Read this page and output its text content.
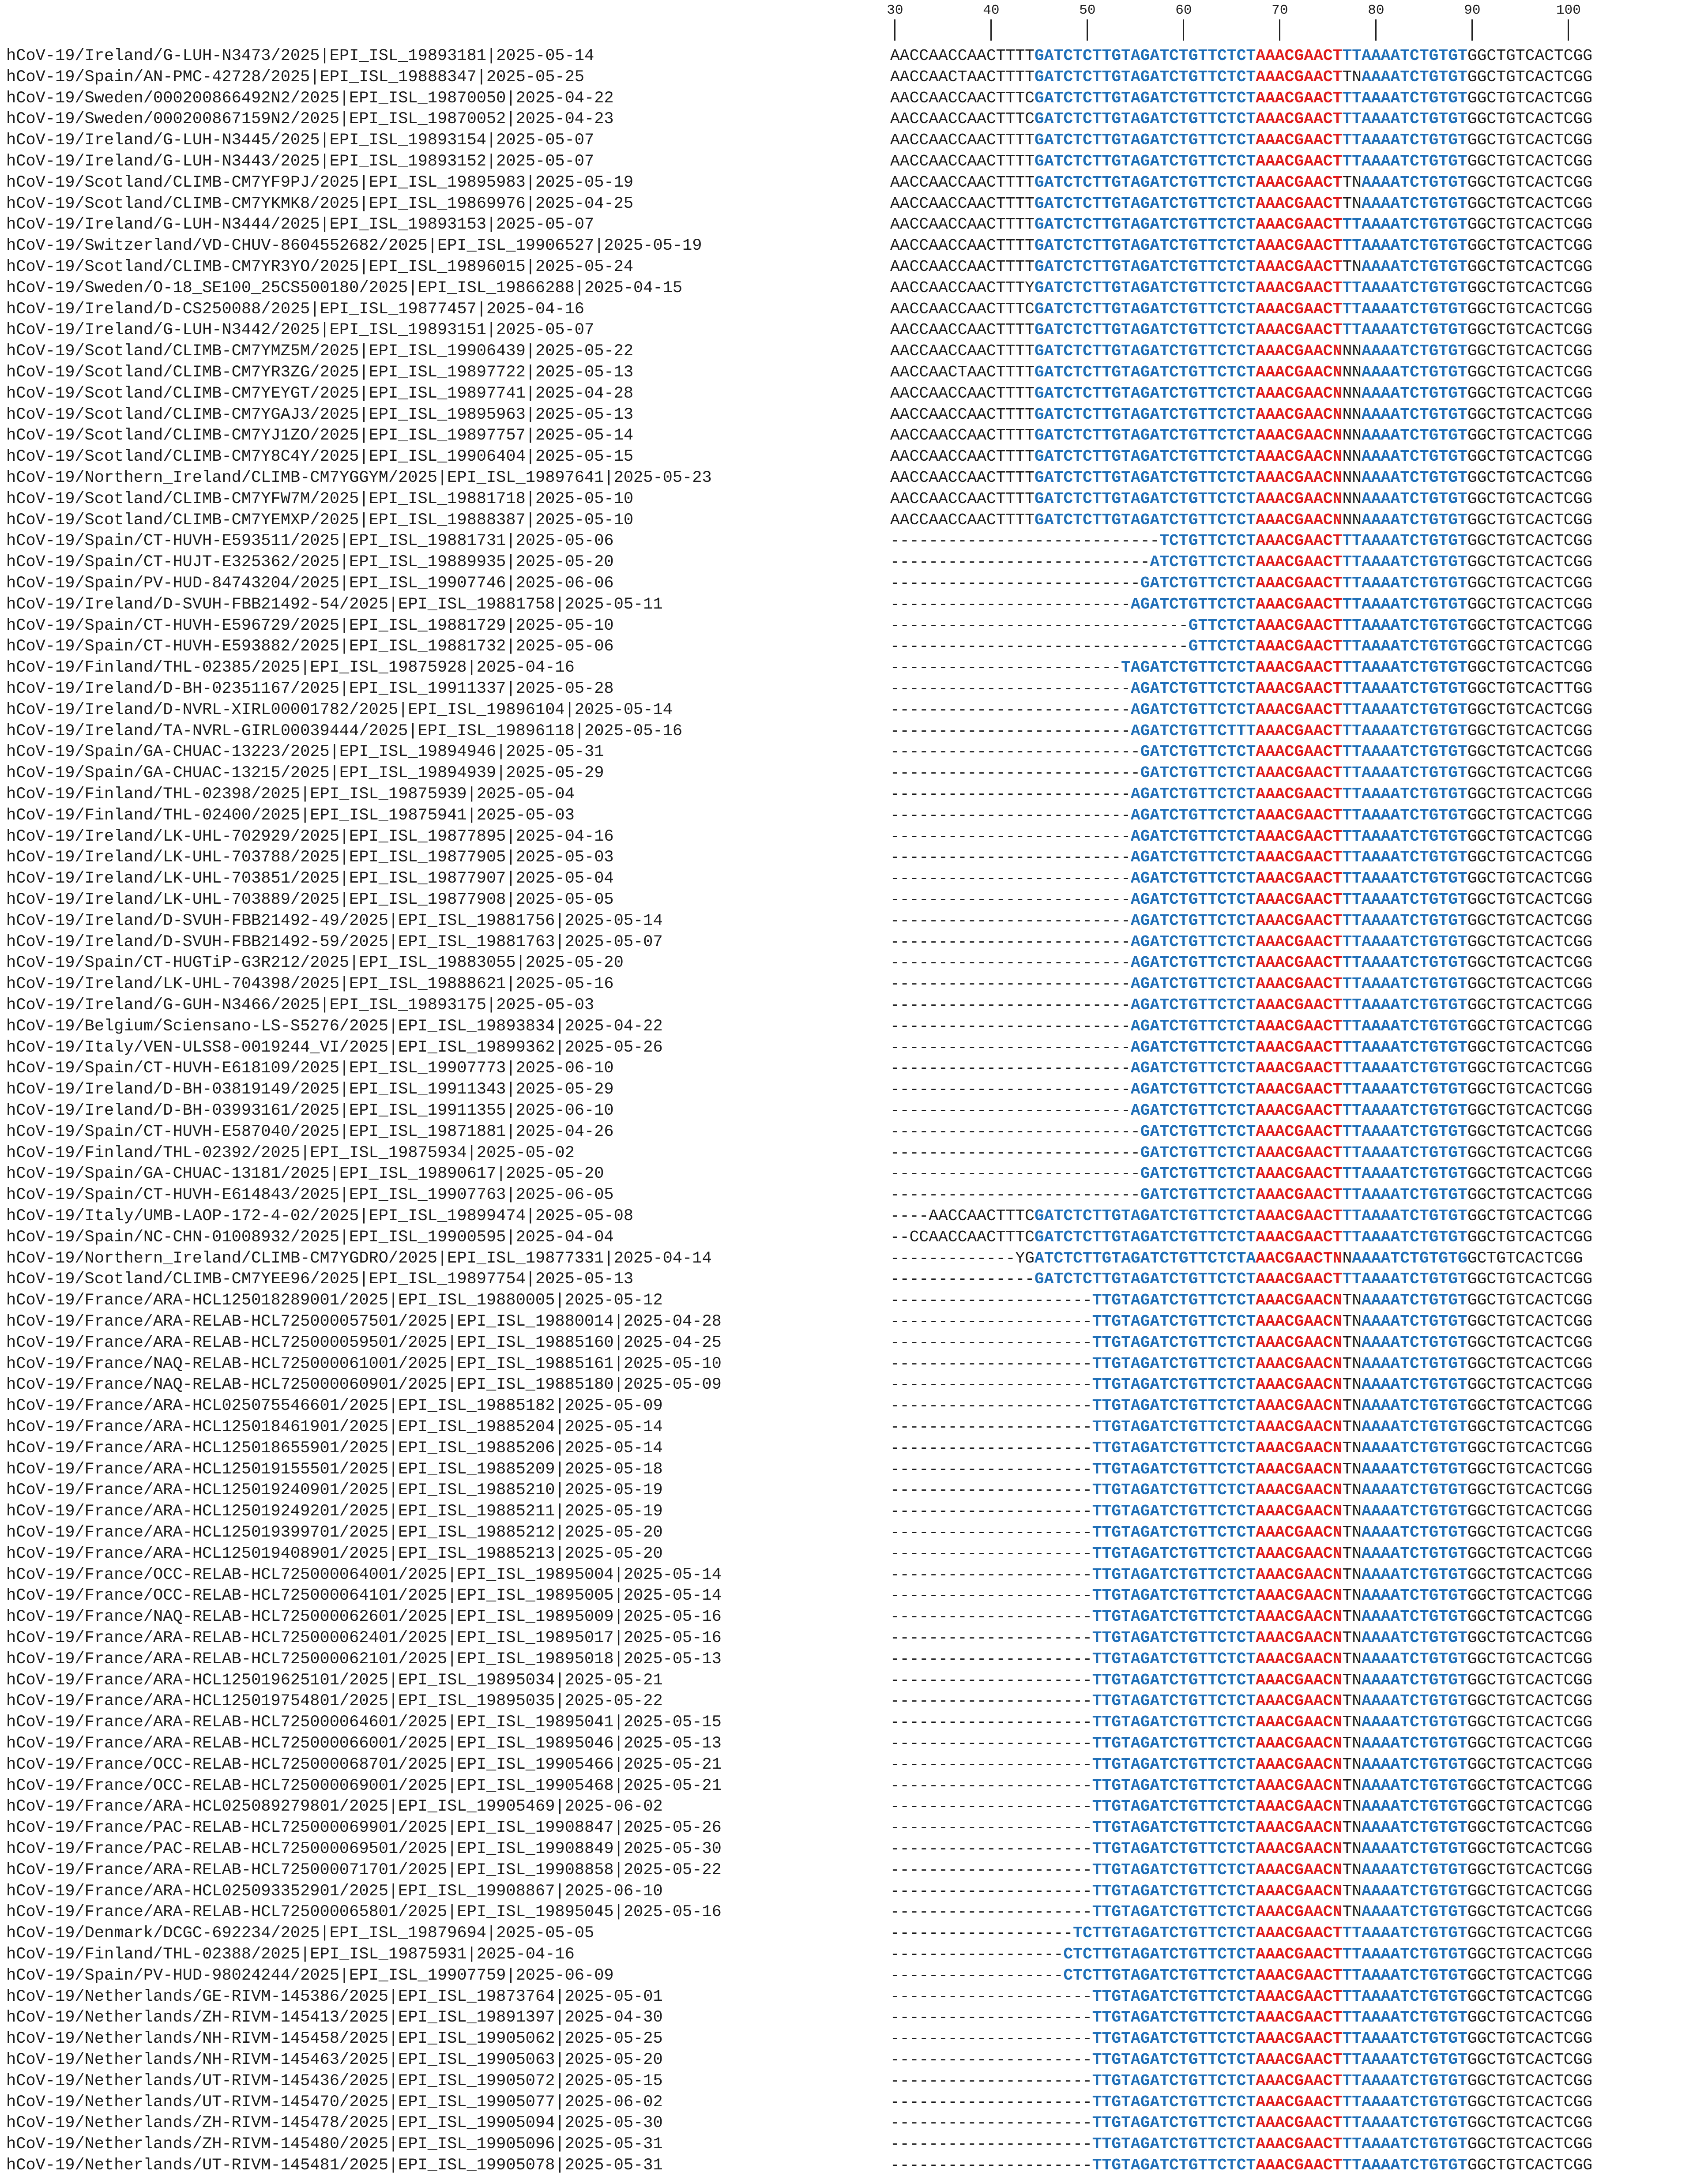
30	40	50	60	70	80	90	100
hCoV-19/Ireland/G-LUH-N3473/2025|EPI_ISL_19893181|2025-05-14	AACCAACCAACTTTTGATCTCTTGTAGATCTGTTCTCTAAACGAACTTTAAAATCTGTGTGGCTGTCACTCGG
hCoV-19/Spain/AN-PMC-42728/2025|EPI_ISL_19888347|2025-05-25	AACCAACTAACTTTTGATCTCTTGTAGATCTGTTCTCTAAACGAACTTNAAAATCTGTGTGGCTGTCACTCGG
hCoV-19/Sweden/000200866492N2/2025|EPI_ISL_19870050|2025-04-22	AACCAACCAACTTTCGATCTCTTGTAGATCTGTTCTCTAAACGAACTTTAAAATCTGTGTGGCTGTCACTCGG
hCoV-19/Sweden/000200867159N2/2025|EPI_ISL_19870052|2025-04-23	AACCAACCAACTTTCGATCTCTTGTAGATCTGTTCTCTAAACGAACTTTAAAATCTGTGTGGCTGTCACTCGG
hCoV-19/Ireland/G-LUH-N3445/2025|EPI_ISL_19893154|2025-05-07	AACCAACCAACTTTTGATCTCTTGTAGATCTGTTCTCTAAACGAACTTTAAAATCTGTGTGGCTGTCACTCGG
hCoV-19/Ireland/G-LUH-N3443/2025|EPI_ISL_19893152|2025-05-07	AACCAACCAACTTTTGATCTCTTGTAGATCTGTTCTCTAAACGAACTTTAAAATCTGTGTGGCTGTCACTCGG
hCoV-19/Scotland/CLIMB-CM7YF9PJ/2025|EPI_ISL_19895983|2025-05-19	AACCAACCAACTTTTGATCTCTTGTAGATCTGTTCTCTAAACGAACTTNAAAATCTGTGTGGCTGTCACTCGG
hCoV-19/Scotland/CLIMB-CM7YKMK8/2025|EPI_ISL_19869976|2025-04-25	AACCAACCAACTTTTGATCTCTTGTAGATCTGTTCTCTAAACGAACTTNAAAATCTGTGTGGCTGTCACTCGG
hCoV-19/Ireland/G-LUH-N3444/2025|EPI_ISL_19893153|2025-05-07	AACCAACCAACTTTTGATCTCTTGTAGATCTGTTCTCTAAACGAACTTTAAAATCTGTGTGGCTGTCACTCGG
hCoV-19/Switzerland/VD-CHUV-8604552682/2025|EPI_ISL_19906527|2025-05-19	AACCAACCAACTTTTGATCTCTTGTAGATCTGTTCTCTAAACGAACTTTAAAATCTGTGTGGCTGTCACTCGG
hCoV-19/Scotland/CLIMB-CM7YR3YO/2025|EPI_ISL_19896015|2025-05-24	AACCAACCAACTTTTGATCTCTTGTAGATCTGTTCTCTAAACGAACTTNAAAATCTGTGTGGCTGTCACTCGG
hCoV-19/Sweden/O-18_SE100_25CS500180/2025|EPI_ISL_19866288|2025-04-15	AACCAACCAACTTTYGATCTCTTGTAGATCTGTTCTCTAAACGAACTTTAAAATCTGTGTGGCTGTCACTCGG
hCoV-19/Ireland/D-CS250088/2025|EPI_ISL_19877457|2025-04-16	AACCAACCAACTTTCGATCTCTTGTAGATCTGTTCTCTAAACGAACTTTAAAATCTGTGTGGCTGTCACTCGG
hCoV-19/Ireland/G-LUH-N3442/2025|EPI_ISL_19893151|2025-05-07	AACCAACCAACTTTTGATCTCTTGTAGATCTGTTCTCTAAACGAACTTTAAAATCTGTGTGGCTGTCACTCGG
hCoV-19/Scotland/CLIMB-CM7YMZ5M/2025|EPI_ISL_19906439|2025-05-22	AACCAACCAACTTTTGATCTCTTGTAGATCTGTTCTCTAAACGAACNNNAAAATCTGTGTGGCTGTCACTCGG
hCoV-19/Scotland/CLIMB-CM7YR3ZG/2025|EPI_ISL_19897722|2025-05-13	AACCAACTAACTTTTGATCTCTTGTAGATCTGTTCTCTAAACGAACNNNAAAATCTGTGTGGCTGTCACTCGG
hCoV-19/Scotland/CLIMB-CM7YEYGT/2025|EPI_ISL_19897741|2025-04-28	AACCAACCAACTTTTGATCTCTTGTAGATCTGTTCTCTAAACGAACNNNAAAATCTGTGTGGCTGTCACTCGG
hCoV-19/Scotland/CLIMB-CM7YGAJ3/2025|EPI_ISL_19895963|2025-05-13	AACCAACCAACTTTTGATCTCTTGTAGATCTGTTCTCTAAACGAACNNNAAAATCTGTGTGGCTGTCACTCGG
hCoV-19/Scotland/CLIMB-CM7YJ1ZO/2025|EPI_ISL_19897757|2025-05-14	AACCAACCAACTTTTGATCTCTTGTAGATCTGTTCTCTAAACGAACNNNAAAATCTGTGTGGCTGTCACTCGG
hCoV-19/Scotland/CLIMB-CM7Y8C4Y/2025|EPI_ISL_19906404|2025-05-15	AACCAACCAACTTTTGATCTCTTGTAGATCTGTTCTCTAAACGAACNNNAAAATCTGTGTGGCTGTCACTCGG
hCoV-19/Northern_Ireland/CLIMB-CM7YGGYM/2025|EPI_ISL_19897641|2025-05-23	AACCAACCAACTTTTGATCTCTTGTAGATCTGTTCTCTAAACGAACNNNAAAATCTGTGTGGCTGTCACTCGG
hCoV-19/Scotland/CLIMB-CM7YFW7M/2025|EPI_ISL_19881718|2025-05-10	AACCAACCAACTTTTGATCTCTTGTAGATCTGTTCTCTAAACGAACNNNAAAATCTGTGTGGCTGTCACTCGG
hCoV-19/Scotland/CLIMB-CM7YEMXP/2025|EPI_ISL_19888387|2025-05-10	AACCAACCAACTTTTGATCTCTTGTAGATCTGTTCTCTAAACGAACNNNAAAATCTGTGTGGCTGTCACTCGG
hCoV-19/Spain/CT-HUVH-E593511/2025|EPI_ISL_19881731|2025-05-06	----------------------------TCTGTTCTCTAAACGAACTTTAAAATCTGTGTGGCTGTCACTCGG
hCoV-19/Spain/CT-HUJT-E325362/2025|EPI_ISL_19889935|2025-05-20	---------------------------ATCTGTTCTCTAAACGAACTTTAAAATCTGTGTGGCTGTCACTCGG
hCoV-19/Spain/PV-HUD-84743204/2025|EPI_ISL_19907746|2025-06-06	--------------------------GATCTGTTCTCTAAACGAACTTTAAAATCTGTGTGGCTGTCACTCGG
hCoV-19/Ireland/D-SVUH-FBB21492-54/2025|EPI_ISL_19881758|2025-05-11	-------------------------AGATCTGTTCTCTAAACGAACTTTAAAATCTGTGTGGCTGTCACTCGG
hCoV-19/Spain/CT-HUVH-E596729/2025|EPI_ISL_19881729|2025-05-10	-------------------------------GTTCTCTAAACGAACTTTAAAATCTGTGTGGCTGTCACTCGG
hCoV-19/Spain/CT-HUVH-E593882/2025|EPI_ISL_19881732|2025-05-06	-------------------------------GTTCTCTAAACGAACTTTAAAATCTGTGTGGCTGTCACTCGG
hCoV-19/Finland/THL-02385/2025|EPI_ISL_19875928|2025-04-16	------------------------TAGATCTGTTCTCTAAACGAACTTTAAAATCTGTGTGGCTGTCACTCGG
hCoV-19/Ireland/D-BH-02351167/2025|EPI_ISL_19911337|2025-05-28	-------------------------AGATCTGTTCTCTAAACGAACTTTAAAATCTGTGTGGCTGTCACTTGG
hCoV-19/Ireland/D-NVRL-XIRL00001782/2025|EPI_ISL_19896104|2025-05-14	-------------------------AGATCTGTTCTCTAAACGAACTTTAAAATCTGTGTGGCTGTCACTCGG
hCoV-19/Ireland/TA-NVRL-GIRL00039444/2025|EPI_ISL_19896118|2025-05-16	-------------------------AGATCTGTTCTTTAAACGAACTTTAAAATCTGTGTGGCTGTCACTCGG
hCoV-19/Spain/GA-CHUAC-13223/2025|EPI_ISL_19894946|2025-05-31	--------------------------GATCTGTTCTCTAAACGAACTTTAAAATCTGTGTGGCTGTCACTCGG
hCoV-19/Spain/GA-CHUAC-13215/2025|EPI_ISL_19894939|2025-05-29	--------------------------GATCTGTTCTCTAAACGAACTTTAAAATCTGTGTGGCTGTCACTCGG
hCoV-19/Finland/THL-02398/2025|EPI_ISL_19875939|2025-05-04	-------------------------AGATCTGTTCTCTAAACGAACTTTAAAATCTGTGTGGCTGTCACTCGG
hCoV-19/Finland/THL-02400/2025|EPI_ISL_19875941|2025-05-03	-------------------------AGATCTGTTCTCTAAACGAACTTTAAAATCTGTGTGGCTGTCACTCGG
hCoV-19/Ireland/LK-UHL-702929/2025|EPI_ISL_19877895|2025-04-16	-------------------------AGATCTGTTCTCTAAACGAACTTTAAAATCTGTGTGGCTGTCACTCGG
hCoV-19/Ireland/LK-UHL-703788/2025|EPI_ISL_19877905|2025-05-03	-------------------------AGATCTGTTCTCTAAACGAACTTTAAAATCTGTGTGGCTGTCACTCGG
hCoV-19/Ireland/LK-UHL-703851/2025|EPI_ISL_19877907|2025-05-04	-------------------------AGATCTGTTCTCTAAACGAACTTTAAAATCTGTGTGGCTGTCACTCGG
hCoV-19/Ireland/LK-UHL-703889/2025|EPI_ISL_19877908|2025-05-05	-------------------------AGATCTGTTCTCTAAACGAACTTTAAAATCTGTGTGGCTGTCACTCGG
hCoV-19/Ireland/D-SVUH-FBB21492-49/2025|EPI_ISL_19881756|2025-05-14	-------------------------AGATCTGTTCTCTAAACGAACTTTAAAATCTGTGTGGCTGTCACTCGG
hCoV-19/Ireland/D-SVUH-FBB21492-59/2025|EPI_ISL_19881763|2025-05-07	-------------------------AGATCTGTTCTCTAAACGAACTTTAAAATCTGTGTGGCTGTCACTCGG
hCoV-19/Spain/CT-HUGTiP-G3R212/2025|EPI_ISL_19883055|2025-05-20	-------------------------AGATCTGTTCTCTAAACGAACTTTAAAATCTGTGTGGCTGTCACTCGG
hCoV-19/Ireland/LK-UHL-704398/2025|EPI_ISL_19888621|2025-05-16	-------------------------AGATCTGTTCTCTAAACGAACTTTAAAATCTGTGTGGCTGTCACTCGG
hCoV-19/Ireland/G-GUH-N3466/2025|EPI_ISL_19893175|2025-05-03	-------------------------AGATCTGTTCTCTAAACGAACTTTAAAATCTGTGTGGCTGTCACTCGG
hCoV-19/Belgium/Sciensano-LS-S5276/2025|EPI_ISL_19893834|2025-04-22	-------------------------AGATCTGTTCTCTAAACGAACTTTAAAATCTGTGTGGCTGTCACTCGG
hCoV-19/Italy/VEN-ULSS8-0019244_VI/2025|EPI_ISL_19899362|2025-05-26	-------------------------AGATCTGTTCTCTAAACGAACTTTAAAATCTGTGTGGCTGTCACTCGG
hCoV-19/Spain/CT-HUVH-E618109/2025|EPI_ISL_19907773|2025-06-10	-------------------------AGATCTGTTCTCTAAACGAACTTTAAAATCTGTGTGGCTGTCACTCGG
hCoV-19/Ireland/D-BH-03819149/2025|EPI_ISL_19911343|2025-05-29	-------------------------AGATCTGTTCTCTAAACGAACTTTAAAATCTGTGTGGCTGTCACTCGG
hCoV-19/Ireland/D-BH-03993161/2025|EPI_ISL_19911355|2025-06-10	-------------------------AGATCTGTTCTCTAAACGAACTTTAAAATCTGTGTGGCTGTCACTCGG
hCoV-19/Spain/CT-HUVH-E587040/2025|EPI_ISL_19871881|2025-04-26	--------------------------GATCTGTTCTCTAAACGAACTTTAAAATCTGTGTGGCTGTCACTCGG
hCoV-19/Finland/THL-02392/2025|EPI_ISL_19875934|2025-05-02	--------------------------GATCTGTTCTCTAAACGAACTTTAAAATCTGTGTGGCTGTCACTCGG
hCoV-19/Spain/GA-CHUAC-13181/2025|EPI_ISL_19890617|2025-05-20	--------------------------GATCTGTTCTCTAAACGAACTTTAAAATCTGTGTGGCTGTCACTCGG
hCoV-19/Spain/CT-HUVH-E614843/2025|EPI_ISL_19907763|2025-06-05	--------------------------GATCTGTTCTCTAAACGAACTTTAAAATCTGTGTGGCTGTCACTCGG
hCoV-19/Italy/UMB-LAOP-172-4-02/2025|EPI_ISL_19899474|2025-05-08	----AACCAACTTTCGATCTCTTGTAGATCTGTTCTCTAAACGAACTTTAAAATCTGTGTGGCTGTCACTCGG
hCoV-19/Spain/NC-CHN-01008932/2025|EPI_ISL_19900595|2025-04-04	--CCAACCAACTTTCGATCTCTTGTAGATCTGTTCTCTAAACGAACTTTAAAATCTGTGTGGCTGTCACTCGG
hCoV-19/Northern_Ireland/CLIMB-CM7YGDRO/2025|EPI_ISL_19877331|2025-04-14	-------------YGATCTCTTGTAGATCTGTTCTCTAAACGAACTNNAAAATCTGTGTGGCTGTCACTCGG
hCoV-19/Scotland/CLIMB-CM7YEE96/2025|EPI_ISL_19897754|2025-05-13	---------------GATCTCTTGTAGATCTGTTCTCTAAACGAACTTTAAAATCTGTGTGGCTGTCACTCGG
hCoV-19/France/ARA-HCL125018289001/2025|EPI_ISL_19880005|2025-05-12	---------------------TTGTAGATCTGTTCTCTAAACGAACNTNAAAATCTGTGTGGCTGTCACTCGG
hCoV-19/France/ARA-RELAB-HCL725000057501/2025|EPI_ISL_19880014|2025-04-28	---------------------TTGTAGATCTGTTCTCTAAACGAACNTNAAAATCTGTGTGGCTGTCACTCGG
hCoV-19/France/ARA-RELAB-HCL725000059501/2025|EPI_ISL_19885160|2025-04-25	---------------------TTGTAGATCTGTTCTCTAAACGAACNTNAAAATCTGTGTGGCTGTCACTCGG
hCoV-19/France/NAQ-RELAB-HCL725000061001/2025|EPI_ISL_19885161|2025-05-10	---------------------TTGTAGATCTGTTCTCTAAACGAACNTNAAAATCTGTGTGGCTGTCACTCGG
hCoV-19/France/NAQ-RELAB-HCL725000060901/2025|EPI_ISL_19885180|2025-05-09	---------------------TTGTAGATCTGTTCTCTAAACGAACNTNAAAATCTGTGTGGCTGTCACTCGG
hCoV-19/France/ARA-HCL025075546601/2025|EPI_ISL_19885182|2025-05-09	---------------------TTGTAGATCTGTTCTCTAAACGAACNTNAAAATCTGTGTGGCTGTCACTCGG
hCoV-19/France/ARA-HCL125018461901/2025|EPI_ISL_19885204|2025-05-14	---------------------TTGTAGATCTGTTCTCTAAACGAACNTNAAAATCTGTGTGGCTGTCACTCGG
hCoV-19/France/ARA-HCL125018655901/2025|EPI_ISL_19885206|2025-05-14	---------------------TTGTAGATCTGTTCTCTAAACGAACNTNAAAATCTGTGTGGCTGTCACTCGG
hCoV-19/France/ARA-HCL125019155501/2025|EPI_ISL_19885209|2025-05-18	---------------------TTGTAGATCTGTTCTCTAAACGAACNTNAAAATCTGTGTGGCTGTCACTCGG
hCoV-19/France/ARA-HCL125019240901/2025|EPI_ISL_19885210|2025-05-19	---------------------TTGTAGATCTGTTCTCTAAACGAACNTNAAAATCTGTGTGGCTGTCACTCGG
hCoV-19/France/ARA-HCL125019249201/2025|EPI_ISL_19885211|2025-05-19	---------------------TTGTAGATCTGTTCTCTAAACGAACNTNAAAATCTGTGTGGCTGTCACTCGG
hCoV-19/France/ARA-HCL125019399701/2025|EPI_ISL_19885212|2025-05-20	---------------------TTGTAGATCTGTTCTCTAAACGAACNTNAAAATCTGTGTGGCTGTCACTCGG
hCoV-19/France/ARA-HCL125019408901/2025|EPI_ISL_19885213|2025-05-20	---------------------TTGTAGATCTGTTCTCTAAACGAACNTNAAAATCTGTGTGGCTGTCACTCGG
hCoV-19/France/OCC-RELAB-HCL725000064001/2025|EPI_ISL_19895004|2025-05-14	---------------------TTGTAGATCTGTTCTCTAAACGAACNTNAAAATCTGTGTGGCTGTCACTCGG
hCoV-19/France/OCC-RELAB-HCL725000064101/2025|EPI_ISL_19895005|2025-05-14	---------------------TTGTAGATCTGTTCTCTAAACGAACNTNAAAATCTGTGTGGCTGTCACTCGG
hCoV-19/France/NAQ-RELAB-HCL725000062601/2025|EPI_ISL_19895009|2025-05-16	---------------------TTGTAGATCTGTTCTCTAAACGAACNTNAAAATCTGTGTGGCTGTCACTCGG
hCoV-19/France/ARA-RELAB-HCL725000062401/2025|EPI_ISL_19895017|2025-05-16	---------------------TTGTAGATCTGTTCTCTAAACGAACNTNAAAATCTGTGTGGCTGTCACTCGG
hCoV-19/France/ARA-RELAB-HCL725000062101/2025|EPI_ISL_19895018|2025-05-13	---------------------TTGTAGATCTGTTCTCTAAACGAACNTNAAAATCTGTGTGGCTGTCACTCGG
hCoV-19/France/ARA-HCL125019625101/2025|EPI_ISL_19895034|2025-05-21	---------------------TTGTAGATCTGTTCTCTAAACGAACNTNAAAATCTGTGTGGCTGTCACTCGG
hCoV-19/France/ARA-HCL125019754801/2025|EPI_ISL_19895035|2025-05-22	---------------------TTGTAGATCTGTTCTCTAAACGAACNTNAAAATCTGTGTGGCTGTCACTCGG
hCoV-19/France/ARA-RELAB-HCL725000064601/2025|EPI_ISL_19895041|2025-05-15	---------------------TTGTAGATCTGTTCTCTAAACGAACNTNAAAATCTGTGTGGCTGTCACTCGG
hCoV-19/France/ARA-RELAB-HCL725000066001/2025|EPI_ISL_19895046|2025-05-13	---------------------TTGTAGATCTGTTCTCTAAACGAACNTNAAAATCTGTGTGGCTGTCACTCGG
hCoV-19/France/OCC-RELAB-HCL725000068701/2025|EPI_ISL_19905466|2025-05-21	---------------------TTGTAGATCTGTTCTCTAAACGAACNTNAAAATCTGTGTGGCTGTCACTCGG
hCoV-19/France/OCC-RELAB-HCL725000069001/2025|EPI_ISL_19905468|2025-05-21	---------------------TTGTAGATCTGTTCTCTAAACGAACNTNAAAATCTGTGTGGCTGTCACTCGG
hCoV-19/France/ARA-HCL025089279801/2025|EPI_ISL_19905469|2025-06-02	---------------------TTGTAGATCTGTTCTCTAAACGAACNTNAAAATCTGTGTGGCTGTCACTCGG
hCoV-19/France/PAC-RELAB-HCL725000069901/2025|EPI_ISL_19908847|2025-05-26	---------------------TTGTAGATCTGTTCTCTAAACGAACNTNAAAATCTGTGTGGCTGTCACTCGG
hCoV-19/France/PAC-RELAB-HCL725000069501/2025|EPI_ISL_19908849|2025-05-30	---------------------TTGTAGATCTGTTCTCTAAACGAACNTNAAAATCTGTGTGGCTGTCACTCGG
hCoV-19/France/ARA-RELAB-HCL725000071701/2025|EPI_ISL_19908858|2025-05-22	---------------------TTGTAGATCTGTTCTCTAAACGAACNTNAAAATCTGTGTGGCTGTCACTCGG
hCoV-19/France/ARA-HCL025093352901/2025|EPI_ISL_19908867|2025-06-10	---------------------TTGTAGATCTGTTCTCTAAACGAACNTNAAAATCTGTGTGGCTGTCACTCGG
hCoV-19/France/ARA-RELAB-HCL725000065801/2025|EPI_ISL_19895045|2025-05-16	---------------------TTGTAGATCTGTTCTCTAAACGAACNTNAAAATCTGTGTGGCTGTCACTCGG
hCoV-19/Denmark/DCGC-692234/2025|EPI_ISL_19879694|2025-05-05	-------------------TCTTGTAGATCTGTTCTCTAAACGAACTTTAAAATCTGTGTGGCTGTCACTCGG
hCoV-19/Finland/THL-02388/2025|EPI_ISL_19875931|2025-04-16	------------------CTCTTGTAGATCTGTTCTCTAAACGAACTTTAAAATCTGTGTGGCTGTCACTCGG
hCoV-19/Spain/PV-HUD-98024244/2025|EPI_ISL_19907759|2025-06-09	------------------CTCTTGTAGATCTGTTCTCTAAACGAACTTTAAAATCTGTGTGGCTGTCACTCGG
hCoV-19/Netherlands/GE-RIVM-145386/2025|EPI_ISL_19873764|2025-05-01	---------------------TTGTAGATCTGTTCTCTAAACGAACTTTAAAATCTGTGTGGCTGTCACTCGG
hCoV-19/Netherlands/ZH-RIVM-145413/2025|EPI_ISL_19891397|2025-04-30	---------------------TTGTAGATCTGTTCTCTAAACGAACTTTAAAATCTGTGTGGCTGTCACTCGG
hCoV-19/Netherlands/NH-RIVM-145458/2025|EPI_ISL_19905062|2025-05-25	---------------------TTGTAGATCTGTTCTCTAAACGAACTTTAAAATCTGTGTGGCTGTCACTCGG
hCoV-19/Netherlands/NH-RIVM-145463/2025|EPI_ISL_19905063|2025-05-20	---------------------TTGTAGATCTGTTCTCTAAACGAACTTTAAAATCTGTGTGGCTGTCACTCGG
hCoV-19/Netherlands/UT-RIVM-145436/2025|EPI_ISL_19905072|2025-05-15	---------------------TTGTAGATCTGTTCTCTAAACGAACTTTAAAATCTGTGTGGCTGTCACTCGG
hCoV-19/Netherlands/UT-RIVM-145470/2025|EPI_ISL_19905077|2025-06-02	---------------------TTGTAGATCTGTTCTCTAAACGAACTTTAAAATCTGTGTGGCTGTCACTCGG
hCoV-19/Netherlands/ZH-RIVM-145478/2025|EPI_ISL_19905094|2025-05-30	---------------------TTGTAGATCTGTTCTCTAAACGAACTTTAAAATCTGTGTGGCTGTCACTCGG
hCoV-19/Netherlands/ZH-RIVM-145480/2025|EPI_ISL_19905096|2025-05-31	---------------------TTGTAGATCTGTTCTCTAAACGAACTTTAAAATCTGTGTGGCTGTCACTCGG
hCoV-19/Netherlands/UT-RIVM-145481/2025|EPI_ISL_19905078|2025-05-31	---------------------TTGTAGATCTGTTCTCTAAACGAACTTTAAAATCTGTGTGGCTGTCACTCGG
